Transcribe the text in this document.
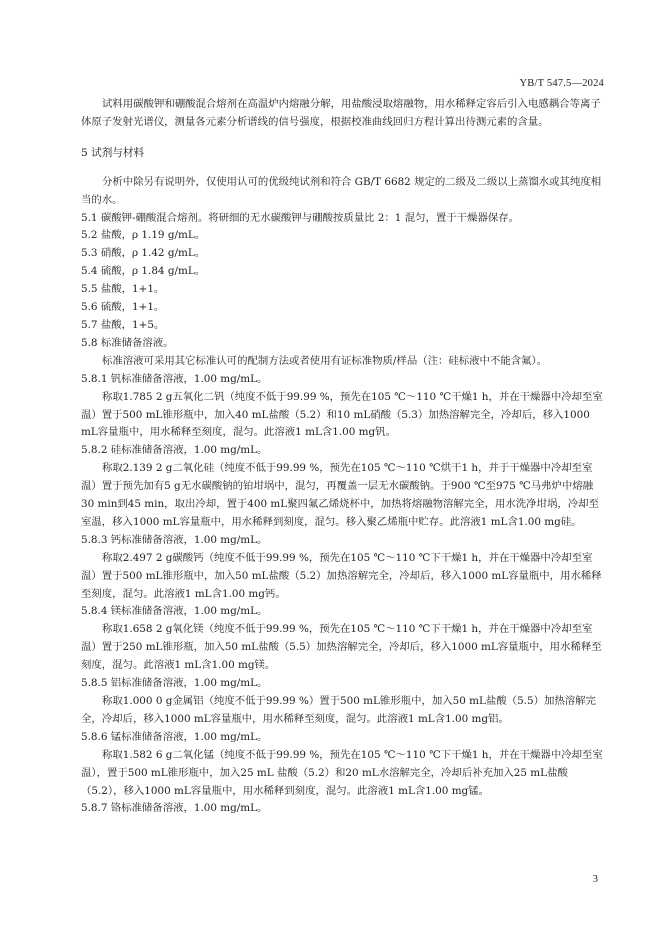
YB/T 547.5—2024

试料用碳酸钾和硼酸混合熔剂在高温炉内熔融分解，用盐酸浸取熔融物，用水稀释定容后引入电感耦合等离子体原子发射光谱仪，测量各元素分析谱线的信号强度，根据校准曲线回归方程计算出待测元素的含量。

5 试剂与材料

分析中除另有说明外，仅使用认可的优级纯试剂和符合 GB/T 6682 规定的二级及二级以上蒸馏水或其纯度相当的水。

5.1 碳酸钾-硼酸混合熔剂。将研细的无水碳酸钾与硼酸按质量比 2：1 混匀，置于干燥器保存。

5.2 盐酸，ρ 1.19 g/mL。

5.3 硝酸，ρ 1.42 g/mL。

5.4 硫酸，ρ 1.84 g/mL。

5.5 盐酸，1+1。

5.6 硫酸，1+1。

5.7 盐酸，1+5。

5.8 标准储备溶液。

标准溶液可采用其它标准认可的配制方法或者使用有证标准物质/样品（注：硅标液中不能含氟）。

5.8.1 钒标准储备溶液，1.00 mg/mL。

称取1.785 2 g五氧化二钒（纯度不低于99.99 %，预先在105 ℃～110 ℃干燥1 h，并在干燥器中冷却至室温）置于500 mL锥形瓶中，加入40 mL盐酸（5.2）和10 mL硝酸（5.3）加热溶解完全，冷却后，移入1000 mL容量瓶中，用水稀释至刻度，混匀。此溶液1 mL含1.00 mg钒。

5.8.2 硅标准储备溶液，1.00 mg/mL。

称取2.139 2 g二氧化硅（纯度不低于99.99 %，预先在105 ℃～110 ℃烘干1 h，并于干燥器中冷却至室温）置于预先加有5 g无水碳酸钠的铂坩埚中，混匀，再覆盖一层无水碳酸钠。于900 ℃至975 ℃马弗炉中熔融30 min到45 min，取出冷却，置于400 mL聚四氟乙烯烧杯中，加热将熔融物溶解完全，用水洗净坩埚，冷却至室温，移入1000 mL容量瓶中，用水稀释到刻度，混匀。移入聚乙烯瓶中贮存。此溶液1 mL含1.00 mg硅。

5.8.3 钙标准储备溶液，1.00 mg/mL。

称取2.497 2 g碳酸钙（纯度不低于99.99 %，预先在105 ℃～110 ℃下干燥1 h，并在干燥器中冷却至室温）置于500 mL锥形瓶中，加入50 mL盐酸（5.2）加热溶解完全，冷却后，移入1000 mL容量瓶中，用水稀释至刻度，混匀。此溶液1 mL含1.00 mg钙。

5.8.4 镁标准储备溶液，1.00 mg/mL。

称取1.658 2 g氧化镁（纯度不低于99.99 %，预先在105 ℃～110 ℃下干燥1 h，并在干燥器中冷却至室温）置于250 mL锥形瓶，加入50 mL盐酸（5.5）加热溶解完全，冷却后，移入1000 mL容量瓶中，用水稀释至刻度，混匀。此溶液1 mL含1.00 mg镁。

5.8.5 铝标准储备溶液，1.00 mg/mL。

称取1.000 0 g金属铝（纯度不低于99.99 %）置于500 mL锥形瓶中，加入50 mL盐酸（5.5）加热溶解完全，冷却后，移入1000 mL容量瓶中，用水稀释至刻度，混匀。此溶液1 mL含1.00 mg铝。

5.8.6 锰标准储备溶液，1.00 mg/mL。

称取1.582 6 g二氧化锰（纯度不低于99.99 %，预先在105 ℃～110 ℃下干燥1 h，并在干燥器中冷却至室温），置于500 mL锥形瓶中，加入25 mL 盐酸（5.2）和20 mL水溶解完全，冷却后补充加入25 mL盐酸（5.2），移入1000 mL容量瓶中，用水稀释到刻度，混匀。此溶液1 mL含1.00 mg锰。

5.8.7 铬标准储备溶液，1.00 mg/mL。

3
